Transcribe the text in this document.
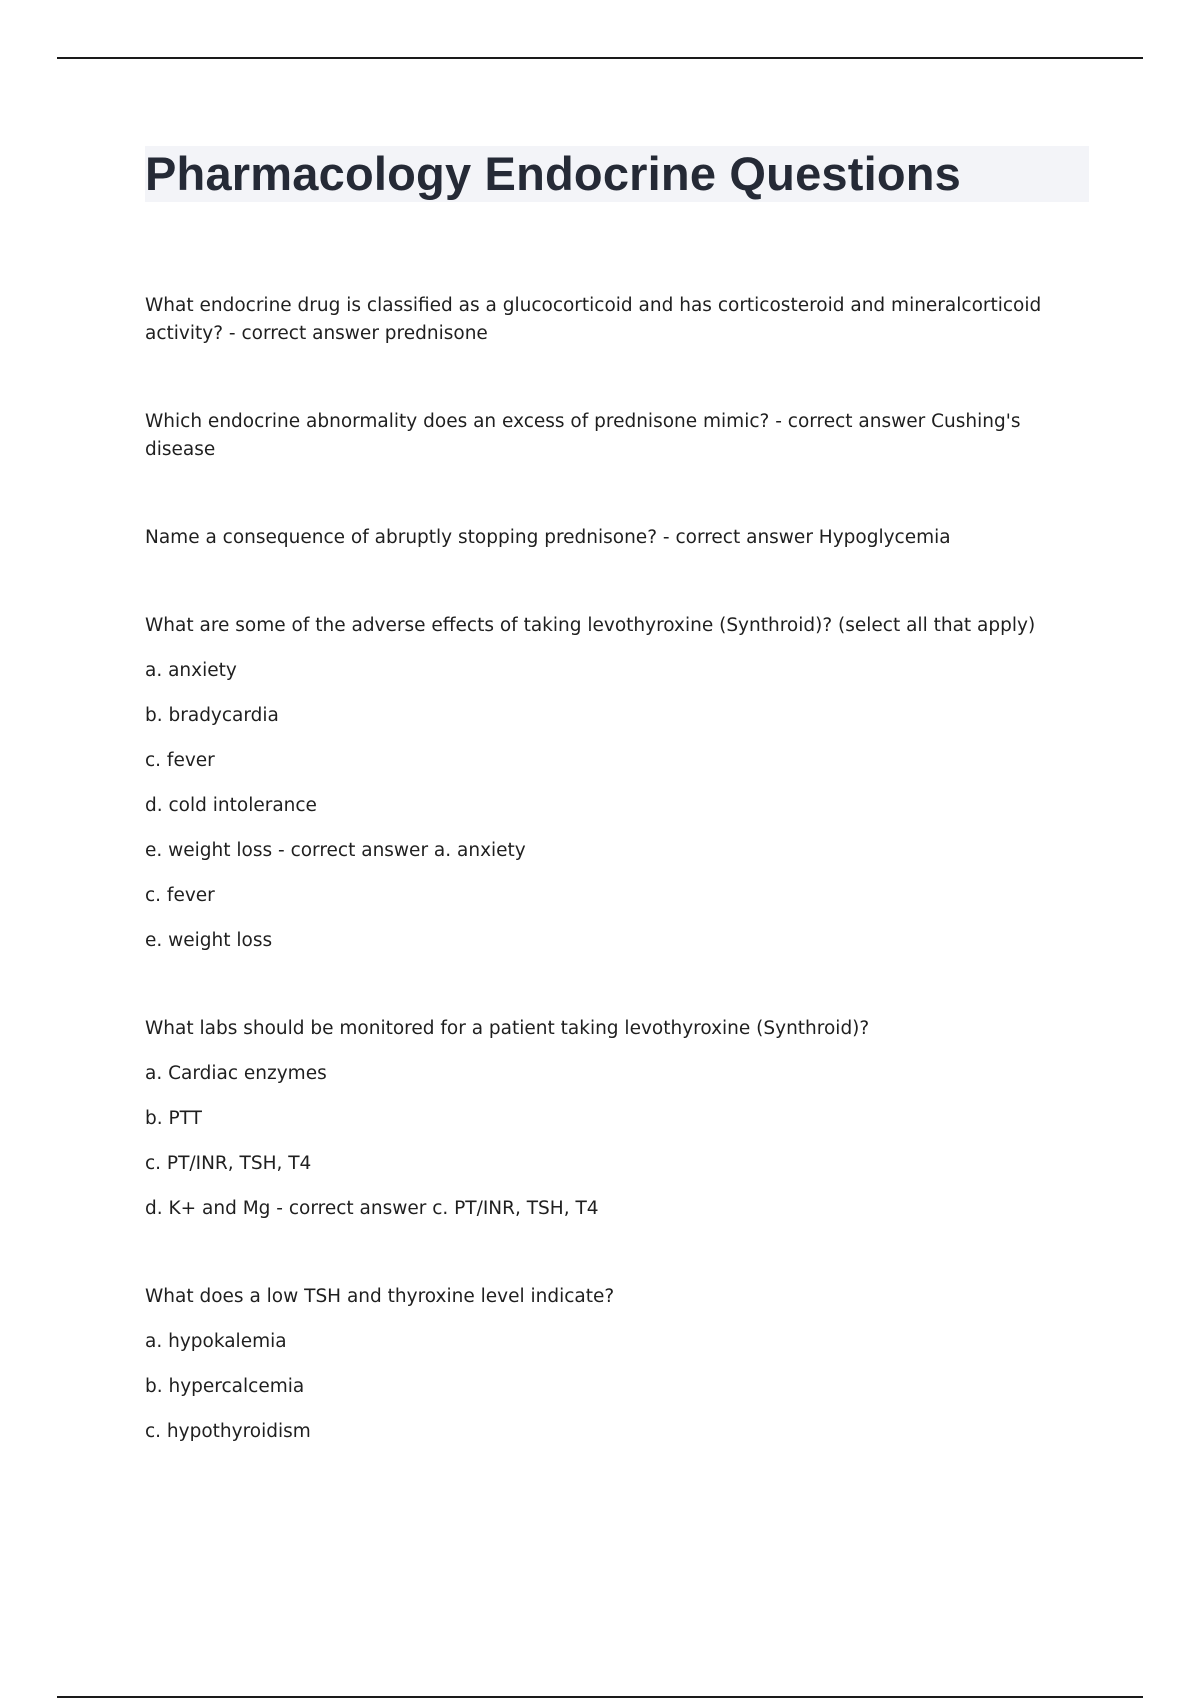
Pharmacology Endocrine Questions

What endocrine drug is classified as a glucocorticoid and has corticosteroid and mineralcorticoid activity? - correct answer prednisone

Which endocrine abnormality does an excess of prednisone mimic? - correct answer Cushing's disease

Name a consequence of abruptly stopping prednisone? - correct answer Hypoglycemia

What are some of the adverse effects of taking levothyroxine (Synthroid)? (select all that apply)

a. anxiety

b. bradycardia

c. fever

d. cold intolerance

e. weight loss - correct answer a. anxiety

c. fever

e. weight loss

What labs should be monitored for a patient taking levothyroxine (Synthroid)?

a. Cardiac enzymes

b. PTT

c. PT/INR, TSH, T4

d. K+ and Mg - correct answer c. PT/INR, TSH, T4

What does a low TSH and thyroxine level indicate?

a. hypokalemia

b. hypercalcemia

c. hypothyroidism
